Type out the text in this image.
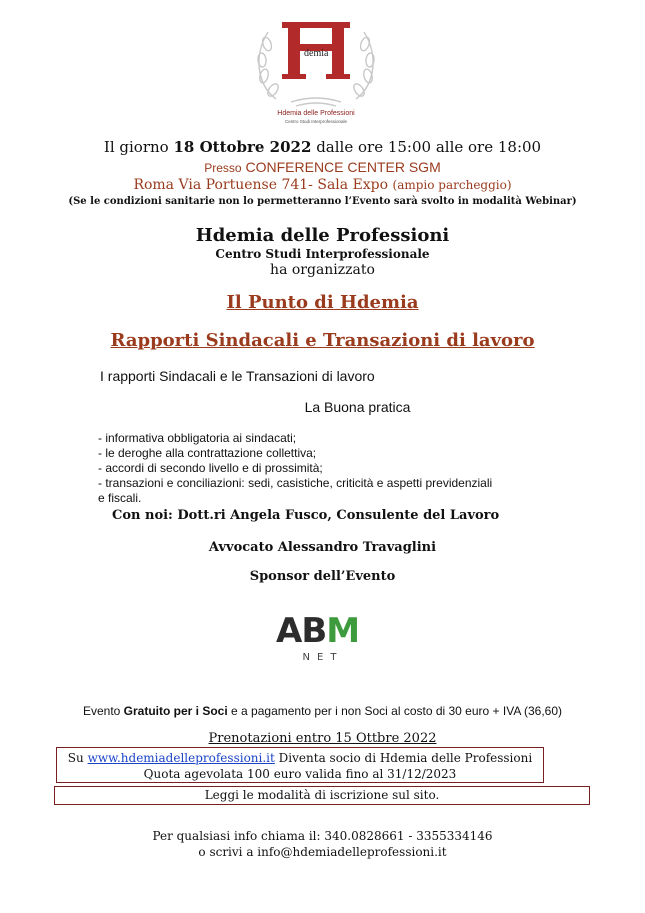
demia
Hdemia delle Professioni
Centro Studi Interprofessionale
Il giorno 18 Ottobre 2022 dalle ore 15:00 alle ore 18:00
Presso CONFERENCE CENTER SGM
Roma Via Portuense 741- Sala Expo (ampio parcheggio)
(Se le condizioni sanitarie non lo permetteranno l’Evento sarà svolto in modalità Webinar)
Hdemia delle Professioni
Centro Studi Interprofessionale
ha organizzato
Il Punto di Hdemia
Rapporti Sindacali e Transazioni di lavoro
I rapporti Sindacali e le Transazioni di lavoro
La Buona pratica
- informativa obbligatoria ai sindacati;
- le deroghe alla contrattazione collettiva;
- accordi di secondo livello e di prossimità;
- transazioni e conciliazioni: sedi, casistiche, criticità e aspetti previdenziali
e fiscali.
Con noi: Dott.ri Angela Fusco, Consulente del Lavoro
Avvocato Alessandro Travaglini
Sponsor dell’Evento
ABM
NET
Evento Gratuito per i Soci e a pagamento per i non Soci al costo di 30 euro + IVA (36,60)
Prenotazioni entro 15 Ottbre 2022
Su www.hdemiadelleprofessioni.it Diventa socio di Hdemia delle Professioni
Quota agevolata 100 euro valida fino al 31/12/2023
Leggi le modalità di iscrizione sul sito.
Per qualsiasi info chiama il: 340.0828661 - 3355334146
o scrivi a info@hdemiadelleprofessioni.it
